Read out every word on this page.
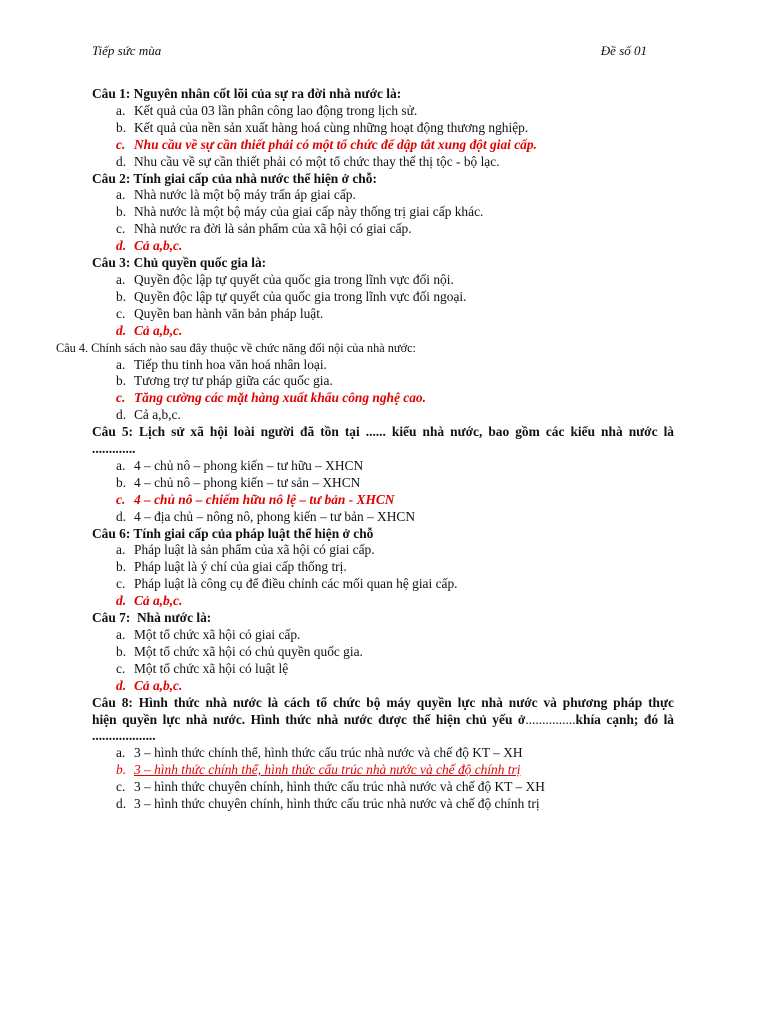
Tiếp sức mùa	Đề số 01

Câu 1: Nguyên nhân cốt lõi của sự ra đời nhà nước là:

a. Kết quả của 03 lần phân công lao động trong lịch sử.
b. Kết quả của nền sản xuất hàng hoá cùng những hoạt động thương nghiệp.
c. Nhu cầu về sự cần thiết phải có một tổ chức để dập tắt xung đột giai cấp.
d. Nhu cầu về sự cần thiết phải có một tổ chức thay thế thị tộc - bộ lạc.

Câu 2: Tính giai cấp của nhà nước thể hiện ở chỗ:

a. Nhà nước là một bộ máy trấn áp giai cấp.
b. Nhà nước là một bộ máy của giai cấp này thống trị giai cấp khác.
c. Nhà nước ra đời là sản phẩm của xã hội có giai cấp.
d. Cả a,b,c.

Câu 3: Chủ quyền quốc gia là:

a. Quyền độc lập tự quyết của quốc gia trong lĩnh vực đối nội.
b. Quyền độc lập tự quyết của quốc gia trong lĩnh vực đối ngoại.
c. Quyền ban hành văn bản pháp luật.
d. Cả a,b,c.

Câu 4. Chính sách nào sau đây thuộc về chức năng đối nội của nhà nước:

a. Tiếp thu tinh hoa văn hoá nhân loại.
b. Tương trợ tư pháp giữa các quốc gia.
c. Tăng cường các mặt hàng xuất khẩu công nghệ cao.
d. Cả a,b,c.

Câu 5: Lịch sử xã hội loài người đã tồn tại ...... kiểu nhà nước, bao gồm các kiểu nhà nước là

.............

a. 4 – chủ nô – phong kiến – tư hữu – XHCN
b. 4 – chủ nô – phong kiến – tư sản – XHCN
c. 4 – chủ nô – chiếm hữu nô lệ – tư bản - XHCN
d. 4 – địa chủ – nông nô, phong kiến – tư bản – XHCN

Câu 6: Tính giai cấp của pháp luật thể hiện ở chỗ

a. Pháp luật là sản phẩm của xã hội có giai cấp.
b. Pháp luật là ý chí của giai cấp thống trị.
c. Pháp luật là công cụ để điều chỉnh các mối quan hệ giai cấp.
d. Cả a,b,c.

Câu 7:  Nhà nước là:

a. Một tổ chức xã hội có giai cấp.
b. Một tổ chức xã hội có chủ quyền quốc gia.
c. Một tổ chức xã hội có luật lệ
d. Cả a,b,c.

Câu 8: Hình thức nhà nước là cách tổ chức bộ máy quyền lực nhà nước và phương pháp thực

hiện quyền lực nhà nước. Hình thức nhà nước được thể hiện chủ yếu ở...............khía cạnh; đó là

...................

a. 3 – hình thức chính thể, hình thức cấu trúc nhà nước và chế độ KT – XH
b. 3 – hình thức chính thể, hình thức cấu trúc nhà nước và chế độ chính trị
c. 3 – hình thức chuyên chính, hình thức cấu trúc nhà nước và chế độ KT – XH
d. 3 – hình thức chuyên chính, hình thức cấu trúc nhà nước và chế độ chính trị
